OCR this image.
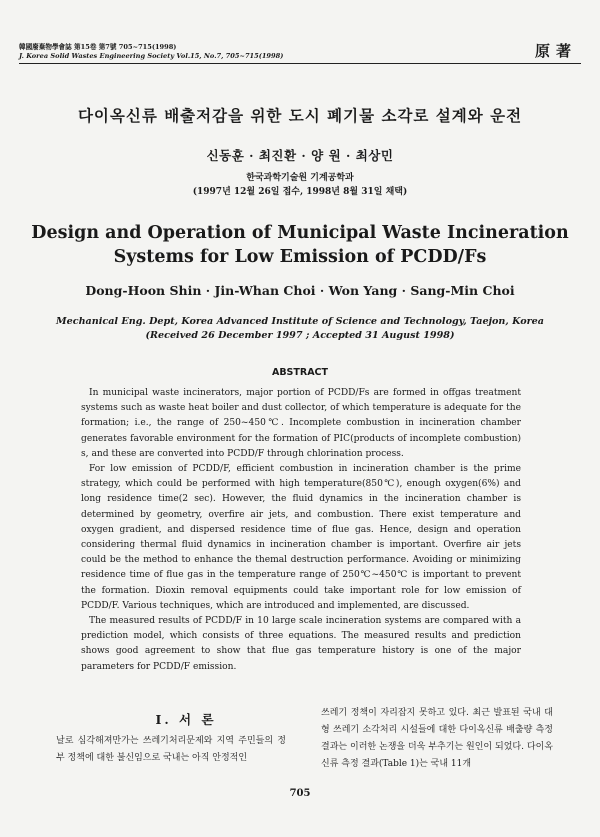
韓國廢棄物學會誌 第15卷 第7號 705~715(1998)
J. Korea Solid Wastes Engineering Society Vol.15, No.7, 705~715(1998)	原著
다이옥신류 배출저감을 위한 도시 폐기물 소각로 설계와 운전
신동훈 · 최진환 · 양 원 · 최상민
한국과학기술원 기계공학과
(1997년 12월 26일 접수, 1998년 8월 31일 채택)
Design and Operation of Municipal Waste Incineration
Systems for Low Emission of PCDD/Fs
Dong-Hoon Shin · Jin-Whan Choi · Won Yang · Sang-Min Choi
Mechanical Eng. Dept, Korea Advanced Institute of Science and Technology, Taejon, Korea
(Received 26 December 1997 ; Accepted 31 August 1998)
ABSTRACT

In municipal waste incinerators, major portion of PCDD/Fs are formed in offgas treatment systems such as waste heat boiler and dust collector, of which temperature is adequate for the formation; i.e., the range of 250~450℃. Incomplete combustion in incineration chamber generates favorable environment for the formation of PIC(products of incomplete combustion) s, and these are converted into PCDD/F through chlorination process.

For low emission of PCDD/F, efficient combustion in incineration chamber is the prime strategy, which could be performed with high temperature(850℃), enough oxygen(6%) and long residence time(2 sec). However, the fluid dynamics in the incineration chamber is determined by geometry, overfire air jets, and combustion. There exist temperature and oxygen gradient, and dispersed residence time of flue gas. Hence, design and operation considering thermal fluid dynamics in incineration chamber is important. Overfire air jets could be the method to enhance the themal destruction performance. Avoiding or minimizing residence time of flue gas in the temperature range of 250℃~450℃ is important to prevent the formation. Dioxin removal equipments could take important role for low emission of PCDD/F. Various techniques, which are introduced and implemented, are discussed.

The measured results of PCDD/F in 10 large scale incineration systems are compared with a prediction model, which consists of three equations. The measured results and prediction shows good agreement to show that flue gas temperature history is one of the major parameters for PCDD/F emission.

Ⅰ. 서 론

날로 심각해져만가는 쓰레기처리문제와 지역 주민들의 정부 정책에 대한 불신임으로 국내는 아직 안정적인

쓰레기 정책이 자리잡지 못하고 있다. 최근 발표된 국내 대형 쓰레기 소각처리 시설들에 대한 다이옥신류 배출량 측정결과는 이러한 논쟁을 더욱 부추기는 원인이 되었다. 다이옥신류 측정 결과(Table 1)는 국내 11개

705
